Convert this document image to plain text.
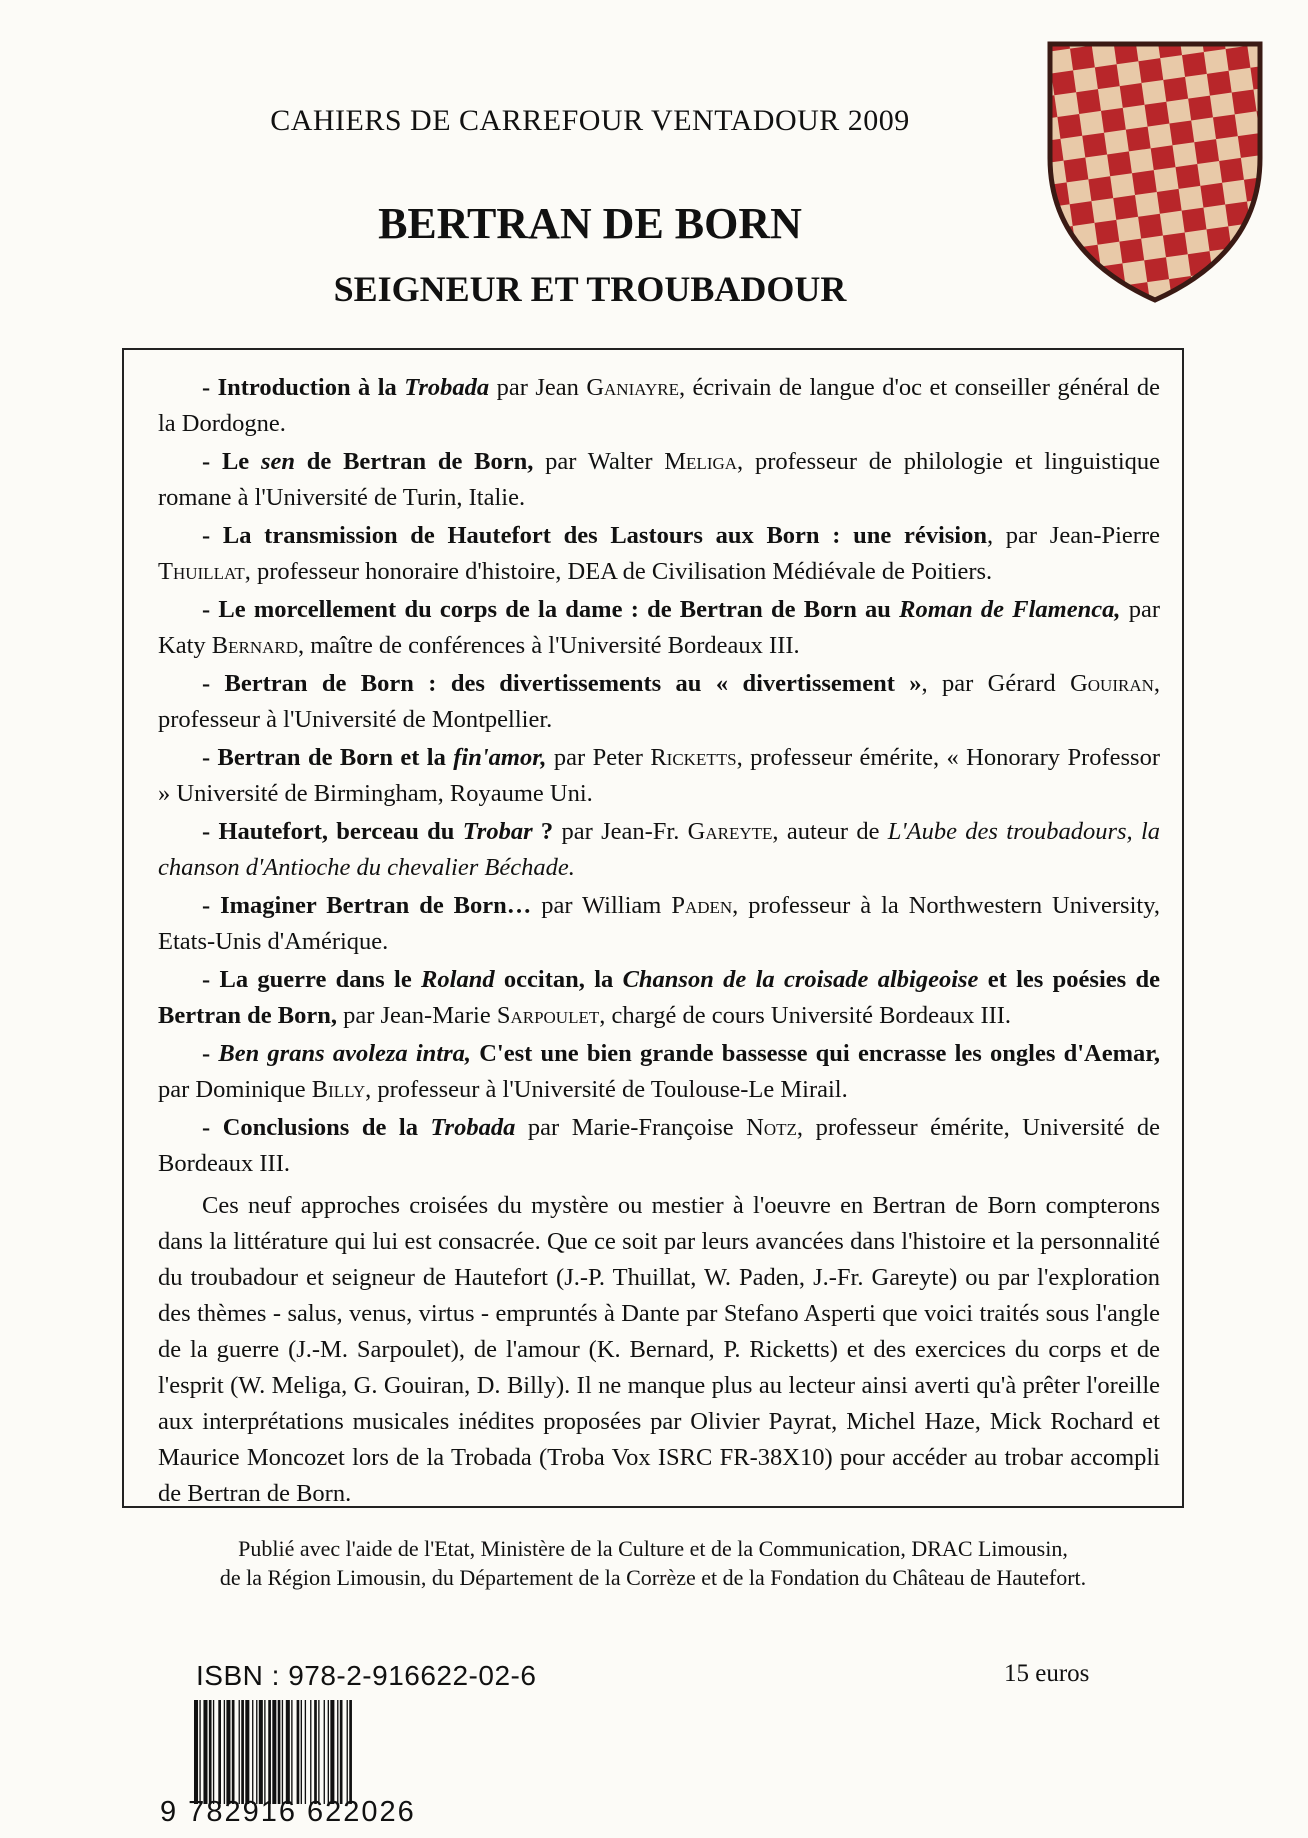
CAHIERS DE CARREFOUR VENTADOUR 2009
BERTRAN DE BORN
SEIGNEUR ET TROUBADOUR
- Introduction à la Trobada par Jean Ganiayre, écrivain de langue d'oc et conseiller général de la Dordogne.
- Le sen de Bertran de Born, par Walter Meliga, professeur de philologie et linguistique romane à l'Université de Turin, Italie.
- La transmission de Hautefort des Lastours aux Born : une révision, par Jean-Pierre Thuillat, professeur honoraire d'histoire, DEA de Civilisation Médiévale de Poitiers.
- Le morcellement du corps de la dame : de Bertran de Born au Roman de Flamenca, par Katy Bernard, maître de conférences à l'Université Bordeaux III.
- Bertran de Born : des divertissements au « divertissement », par Gérard Gouiran, professeur à l'Université de Montpellier.
- Bertran de Born et la fin'amor, par Peter Ricketts, professeur émérite, « Honorary Professor » Université de Birmingham, Royaume Uni.
- Hautefort, berceau du Trobar ? par Jean-Fr. Gareyte, auteur de L'Aube des troubadours, la chanson d'Antioche du chevalier Béchade.
- Imaginer Bertran de Born… par William Paden, professeur à la Northwestern University, Etats-Unis d'Amérique.
- La guerre dans le Roland occitan, la Chanson de la croisade albigeoise et les poésies de Bertran de Born, par Jean-Marie Sarpoulet, chargé de cours Université Bordeaux III.
- Ben grans avoleza intra, C'est une bien grande bassesse qui encrasse les ongles d'Aemar, par Dominique Billy, professeur à l'Université de Toulouse-Le Mirail.
- Conclusions de la Trobada par Marie-Françoise Notz, professeur émérite, Université de Bordeaux III.

Ces neuf approches croisées du mystère ou mestier à l'oeuvre en Bertran de Born compterons dans la littérature qui lui est consacrée. Que ce soit par leurs avancées dans l'histoire et la personnalité du troubadour et seigneur de Hautefort (J.-P. Thuillat, W. Paden, J.-Fr. Gareyte) ou par l'exploration des thèmes - salus, venus, virtus - empruntés à Dante par Stefano Asperti que voici traités sous l'angle de la guerre (J.-M. Sarpoulet), de l'amour (K. Bernard, P. Ricketts) et des exercices du corps et de l'esprit (W. Meliga, G. Gouiran, D. Billy). Il ne manque plus au lecteur ainsi averti qu'à prêter l'oreille aux interprétations musicales inédites proposées par Olivier Payrat, Michel Haze, Mick Rochard et Maurice Moncozet lors de la Trobada (Troba Vox ISRC FR-38X10) pour accéder au trobar accompli de Bertran de Born.

Publié avec l'aide de l'Etat, Ministère de la Culture et de la Communication, DRAC Limousin,
de la Région Limousin, du Département de la Corrèze et de la Fondation du Château de Hautefort.
ISBN : 978-2-916622-02-6	15 euros
9 782916 622026
